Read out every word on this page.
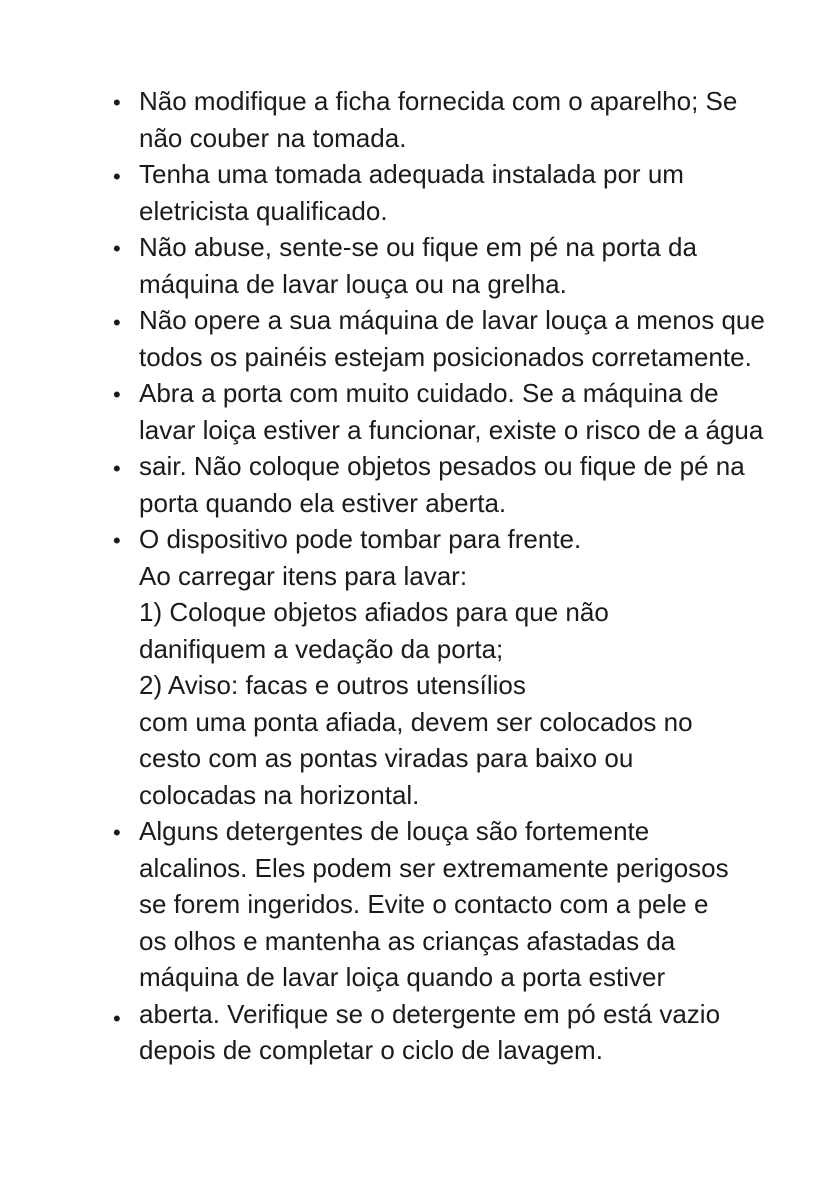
•
•
•
•
•
•
•
•
•
Não modifique a ficha fornecida com o aparelho; Se
não couber na tomada.
Tenha uma tomada adequada instalada por um
eletricista qualificado.
Não abuse, sente-se ou fique em pé na porta da
máquina de lavar louça ou na grelha.
Não opere a sua máquina de lavar louça a menos que
todos os painéis estejam posicionados corretamente.
Abra a porta com muito cuidado. Se a máquina de
lavar loiça estiver a funcionar, existe o risco de a água
sair. Não coloque objetos pesados ou fique de pé na
porta quando ela estiver aberta.
O dispositivo pode tombar para frente.
Ao carregar itens para lavar:
1) Coloque objetos afiados para que não
danifiquem a vedação da porta;
2) Aviso: facas e outros utensílios
com uma ponta afiada, devem ser colocados no
cesto com as pontas viradas para baixo ou
colocadas na horizontal.
Alguns detergentes de louça são fortemente
alcalinos. Eles podem ser extremamente perigosos
se forem ingeridos. Evite o contacto com a pele e
os olhos e mantenha as crianças afastadas da
máquina de lavar loiça quando a porta estiver
aberta. Verifique se o detergente em pó está vazio
depois de completar o ciclo de lavagem.
